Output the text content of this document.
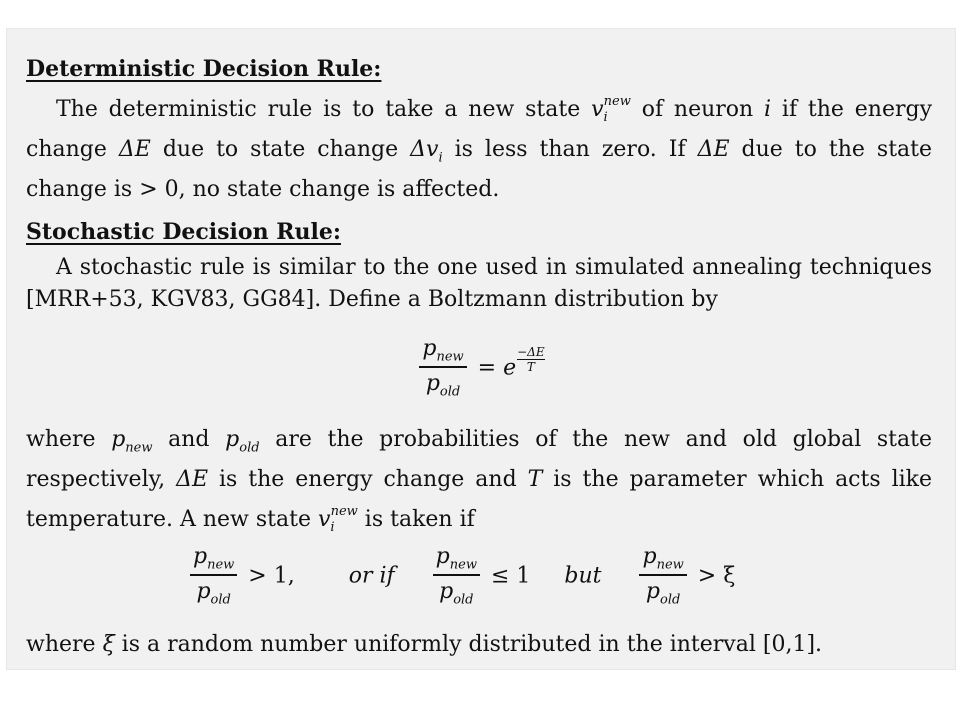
Deterministic Decision Rule:
The deterministic rule is to take a new state $v_i^{new}$ of neuron i if the energy change ΔE due to state change $\Delta v_i$ is less than zero. If ΔE due to the state change is > 0, no state change is affected.
Stochastic Decision Rule:
A stochastic rule is similar to the one used in simulated annealing techniques [MRR+53, KGV83, GG84]. Define a Boltzmann distribution by
$\frac{p_{new}}{p_{old}} = e \frac{-\Delta E}{T}$
where $p_{new}$ and $p_{old}$ are the probabilities of the new and old global state respectively, ΔE is the energy change and T is the parameter which acts like temperature. A new state $v_i^{new}$ is taken if
$\frac{p_{new}}{p_{old}} > 1$, or if $\frac{p_{new}}{p_{old}} \le 1$ but $\frac{p_{new}}{p_{old}} > \xi$
where ξ is a random number uniformly distributed in the interval [0,1].
